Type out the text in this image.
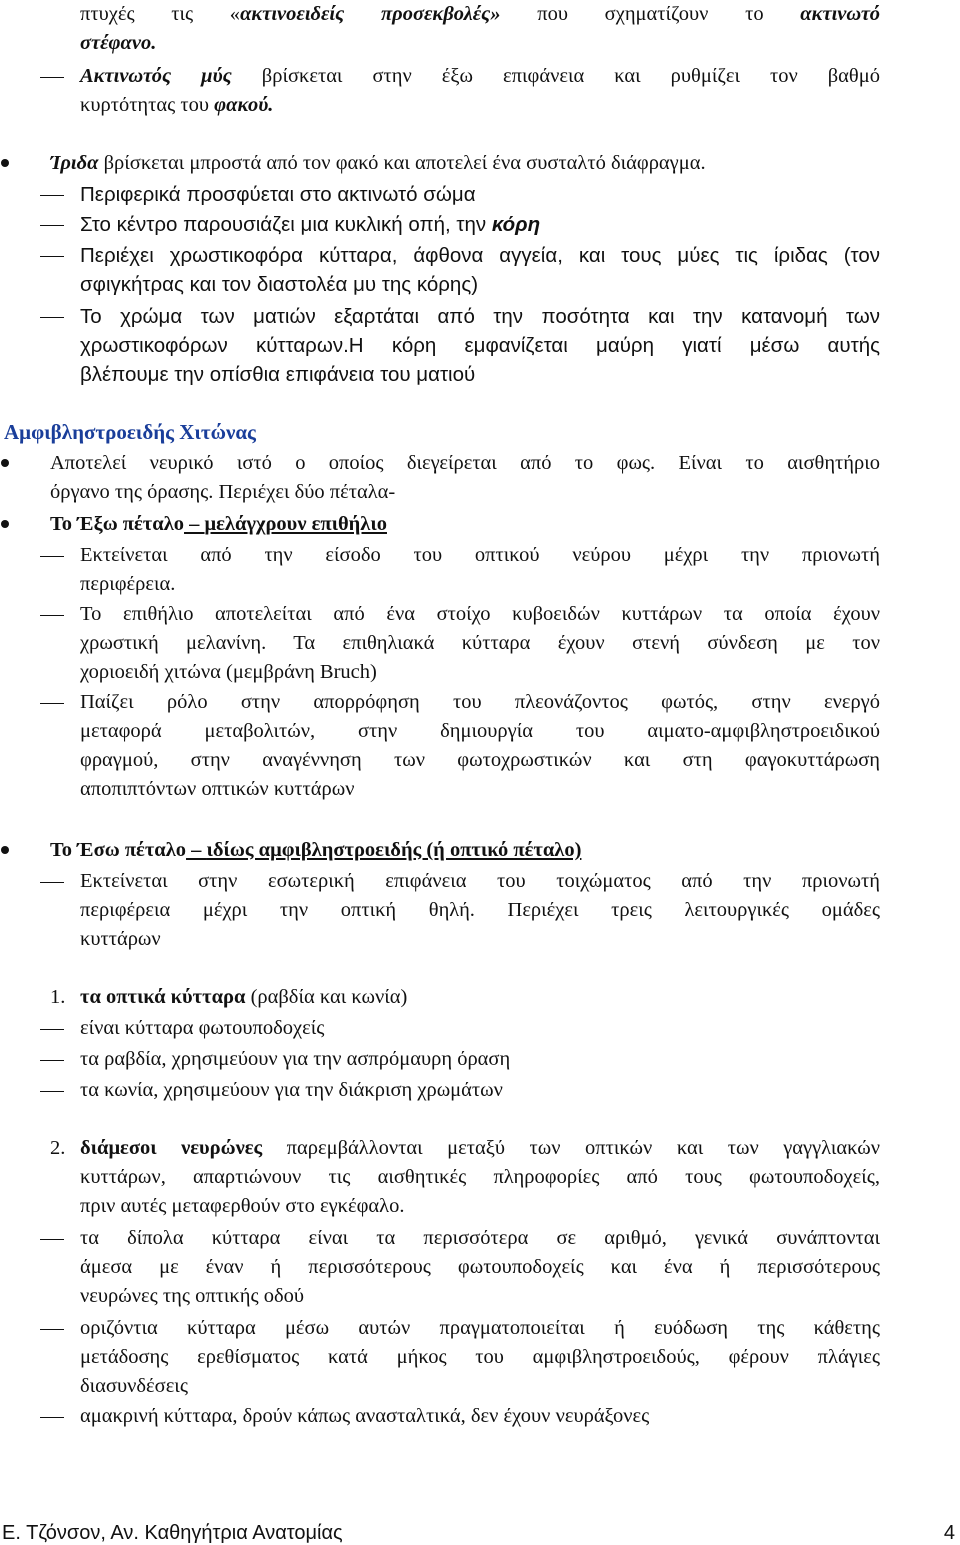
πτυχές τις «ακτινοειδείς προσεκβολές» που σχηματίζουν το ακτινωτό
στέφανο.
Ακτινωτός μύς βρίσκεται στην έξω επιφάνεια και ρυθμίζει τον βαθμό
κυρτότητας του φακού.
Ίριδα βρίσκεται μπροστά από τον φακό και αποτελεί ένα συσταλτό διάφραγμα.
Περιφερικά προσφύεται στο ακτινωτό σώμα
Στο κέντρο παρουσιάζει μια κυκλική οπή, την κόρη
Περιέχει χρωστικοφόρα κύτταρα, άφθονα αγγεία, και τους μύες τις ίριδας (τον
σφιγκήτρας και τον διαστολέα μυ της κόρης)
Το χρώμα των ματιών εξαρτάται από την ποσότητα και την κατανομή των
χρωστικοφόρων κύτταρων.Η κόρη εμφανίζεται μαύρη γιατί μέσω αυτής
βλέπουμε την οπίσθια επιφάνεια του ματιού
Αμφιβληστροειδής Χιτώνας
Αποτελεί νευρικό ιστό ο οποίος διεγείρεται από το φως. Είναι το αισθητήριο
όργανο της όρασης. Περιέχει δύο πέταλα-
Το Έξω πέταλο – μελάγχρουν επιθήλιο
Εκτείνεται από την είσοδο του οπτικού νεύρου μέχρι την πριονωτή
περιφέρεια.
Το επιθήλιο αποτελείται από ένα στοίχο κυβοειδών κυττάρων τα οποία έχουν
χρωστική μελανίνη. Τα επιθηλιακά κύτταρα έχουν στενή σύνδεση με τον
χοριοειδή χιτώνα (μεμβράνη Bruch)
Παίζει ρόλο στην απορρόφηση του πλεονάζοντος φωτός, στην ενεργό
μεταφορά μεταβολιτών, στην δημιουργία του αιματο-αμφιβληστροειδικού
φραγμού, στην αναγέννηση των φωτοχρωστικών και στη φαγοκυττάρωση
αποπιπτόντων οπτικών κυττάρων
Το Έσω πέταλο – ιδίως αμφιβληστροειδής (ή οπτικό πέταλο)
Εκτείνεται στην εσωτερική επιφάνεια του τοιχώματος από την πριονωτή
περιφέρεια μέχρι την οπτική θηλή. Περιέχει τρεις λειτουργικές ομάδες
κυττάρων
1. τα οπτικά κύτταρα (ραβδία και κωνία)
είναι κύτταρα φωτουποδοχείς
τα ραβδία, χρησιμεύουν για την ασπρόμαυρη όραση
τα κωνία, χρησιμεύουν για την διάκριση χρωμάτων
2. διάμεσοι νευρώνες παρεμβάλλονται μεταξύ των οπτικών και των γαγγλιακών
κυττάρων, απαρτιώνουν τις αισθητικές πληροφορίες από τους φωτουποδοχείς,
πριν αυτές μεταφερθούν στο εγκέφαλο.
τα δίπολα κύτταρα είναι τα περισσότερα σε αριθμό, γενικά συνάπτονται
άμεσα με έναν ή περισσότερους φωτουποδοχείς και ένα ή περισσότερους
νευρώνες της οπτικής οδού
οριζόντια κύτταρα μέσω αυτών πραγματοποιείται ή ευόδωση της κάθετης
μετάδοσης ερεθίσματος κατά μήκος του αμφιβληστροειδούς, φέρουν πλάγιες
διασυνδέσεις
αμακρινή κύτταρα, δρούν κάπως ανασταλτικά, δεν έχουν νευράξονες
Ε. Τζόνσον, Αν. Καθηγήτρια Ανατομίας	4
